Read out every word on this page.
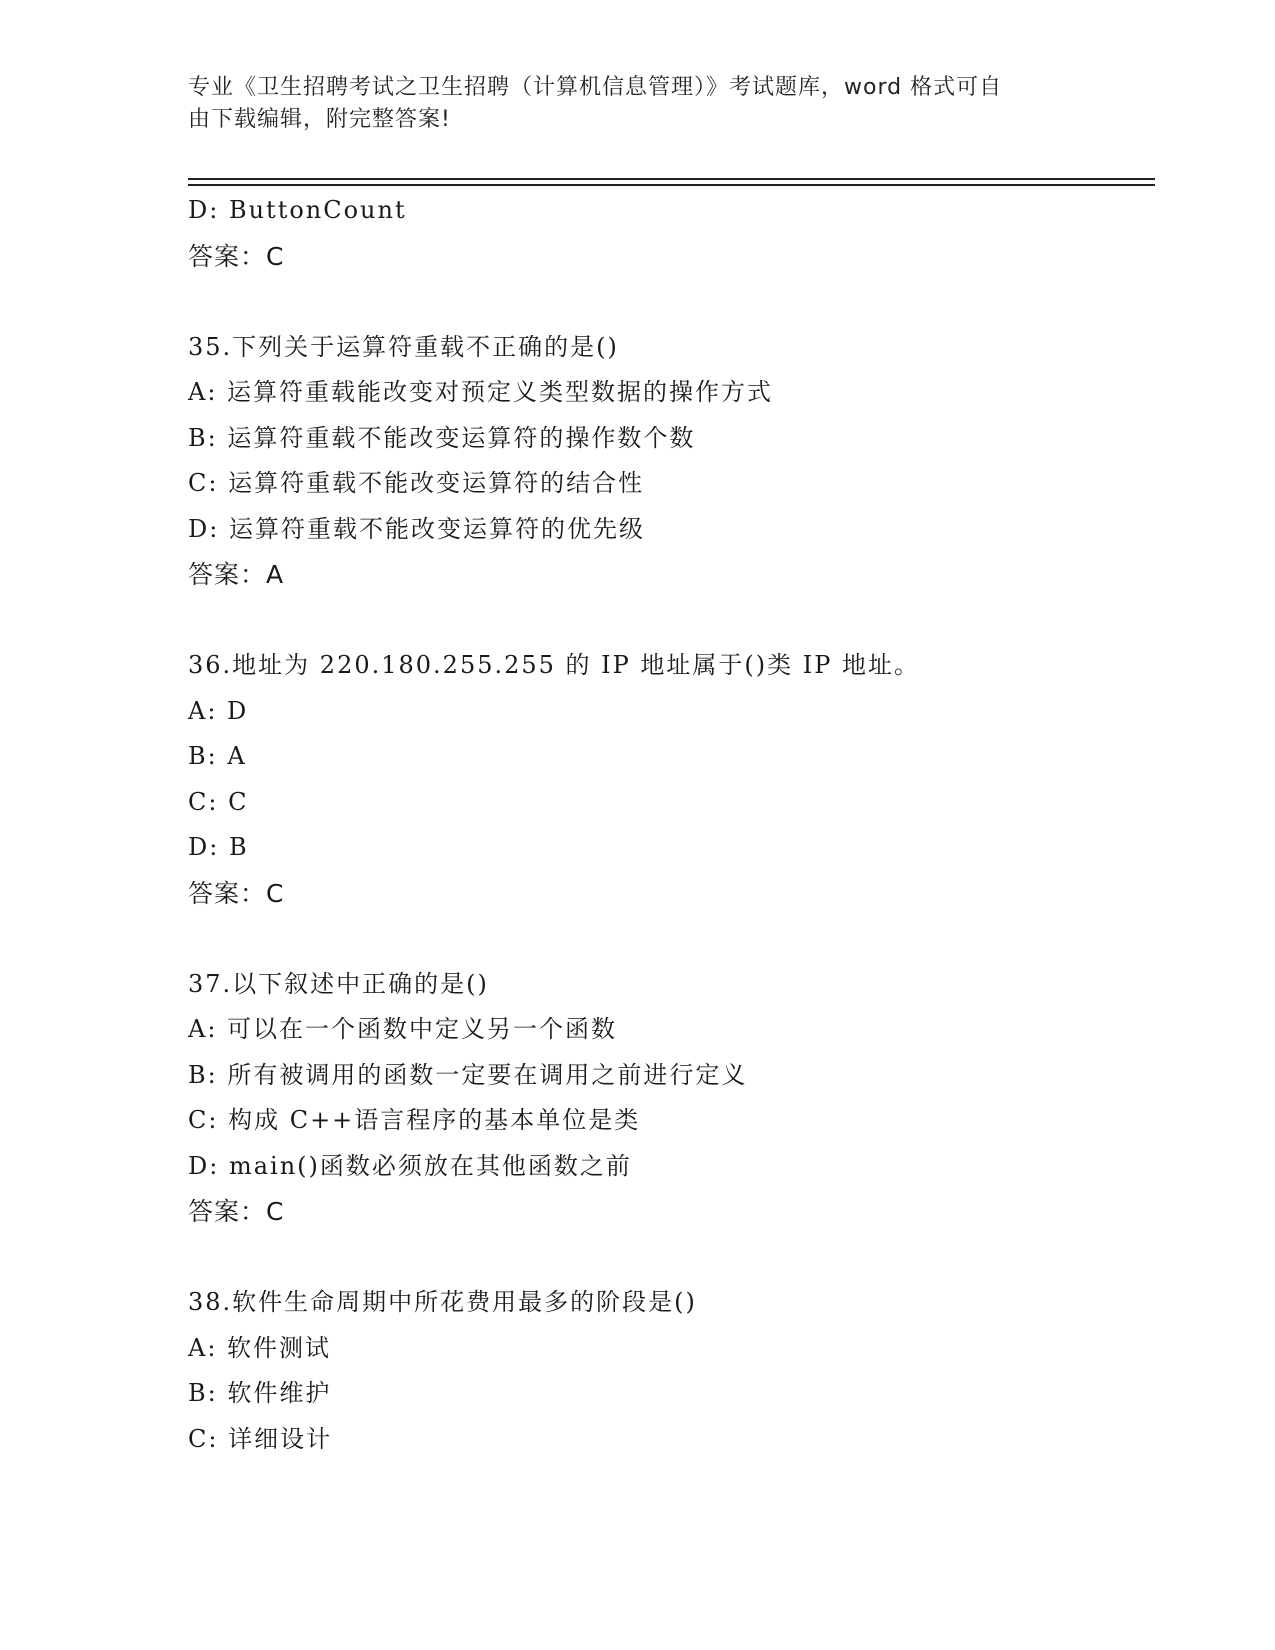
专业《卫生招聘考试之卫生招聘（计算机信息管理）》考试题库，word 格式可自
由下载编辑，附完整答案!
D: ButtonCount
答案：C
35.下列关于运算符重载不正确的是()
A: 运算符重载能改变对预定义类型数据的操作方式
B: 运算符重载不能改变运算符的操作数个数
C: 运算符重载不能改变运算符的结合性
D: 运算符重载不能改变运算符的优先级
答案：A
36.地址为 220.180.255.255 的 IP 地址属于()类 IP 地址。
A: D
B: A
C: C
D: B
答案：C
37.以下叙述中正确的是()
A: 可以在一个函数中定义另一个函数
B: 所有被调用的函数一定要在调用之前进行定义
C: 构成 C++语言程序的基本单位是类
D: main()函数必须放在其他函数之前
答案：C
38.软件生命周期中所花费用最多的阶段是()
A: 软件测试
B: 软件维护
C: 详细设计
